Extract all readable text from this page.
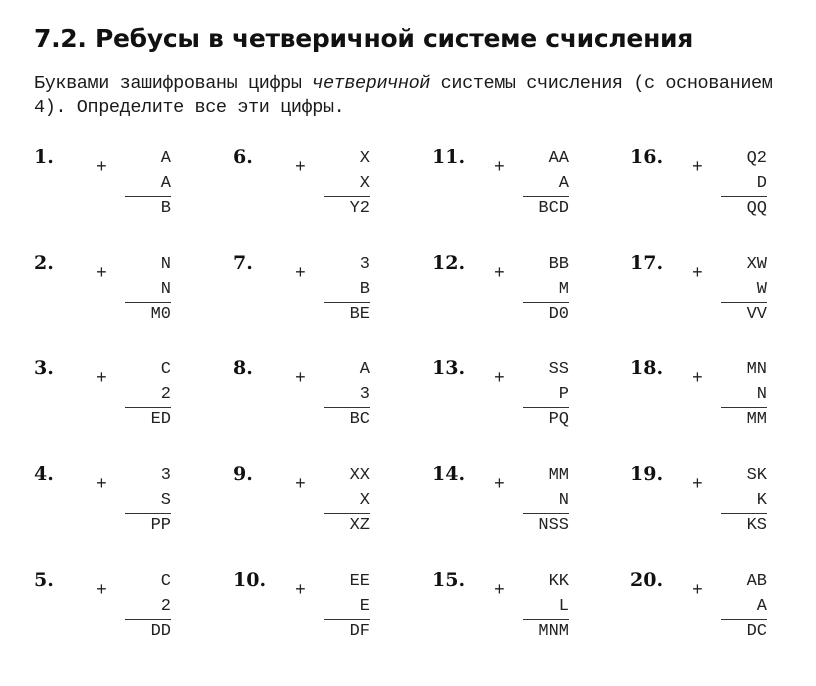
7.2. Ребусы в четверичной системе счисления
Буквами зашифрованы цифры четверичной системы счисления (с основанием 4). Определите все эти цифры.
1. +	A
A
B
6. +	X
X
Y2
11. +	AA
A
BCD
16. +	Q2
D
QQ
2. +	N
N
M0
7. +	3
B
BE
12. +	BB
M
D0
17. +	XW
W
VV
3. +	C
2
ED
8. +	A
3
BC
13. +	SS
P
PQ
18. +	MN
N
MM
4. +	3
S
PP
9. +	XX
X
XZ
14. +	MM
N
NSS
19. +	SK
K
KS
5. +	C
2
DD
10. +	EE
E
DF
15. +	KK
L
MNM
20. +	AB
A
DC
